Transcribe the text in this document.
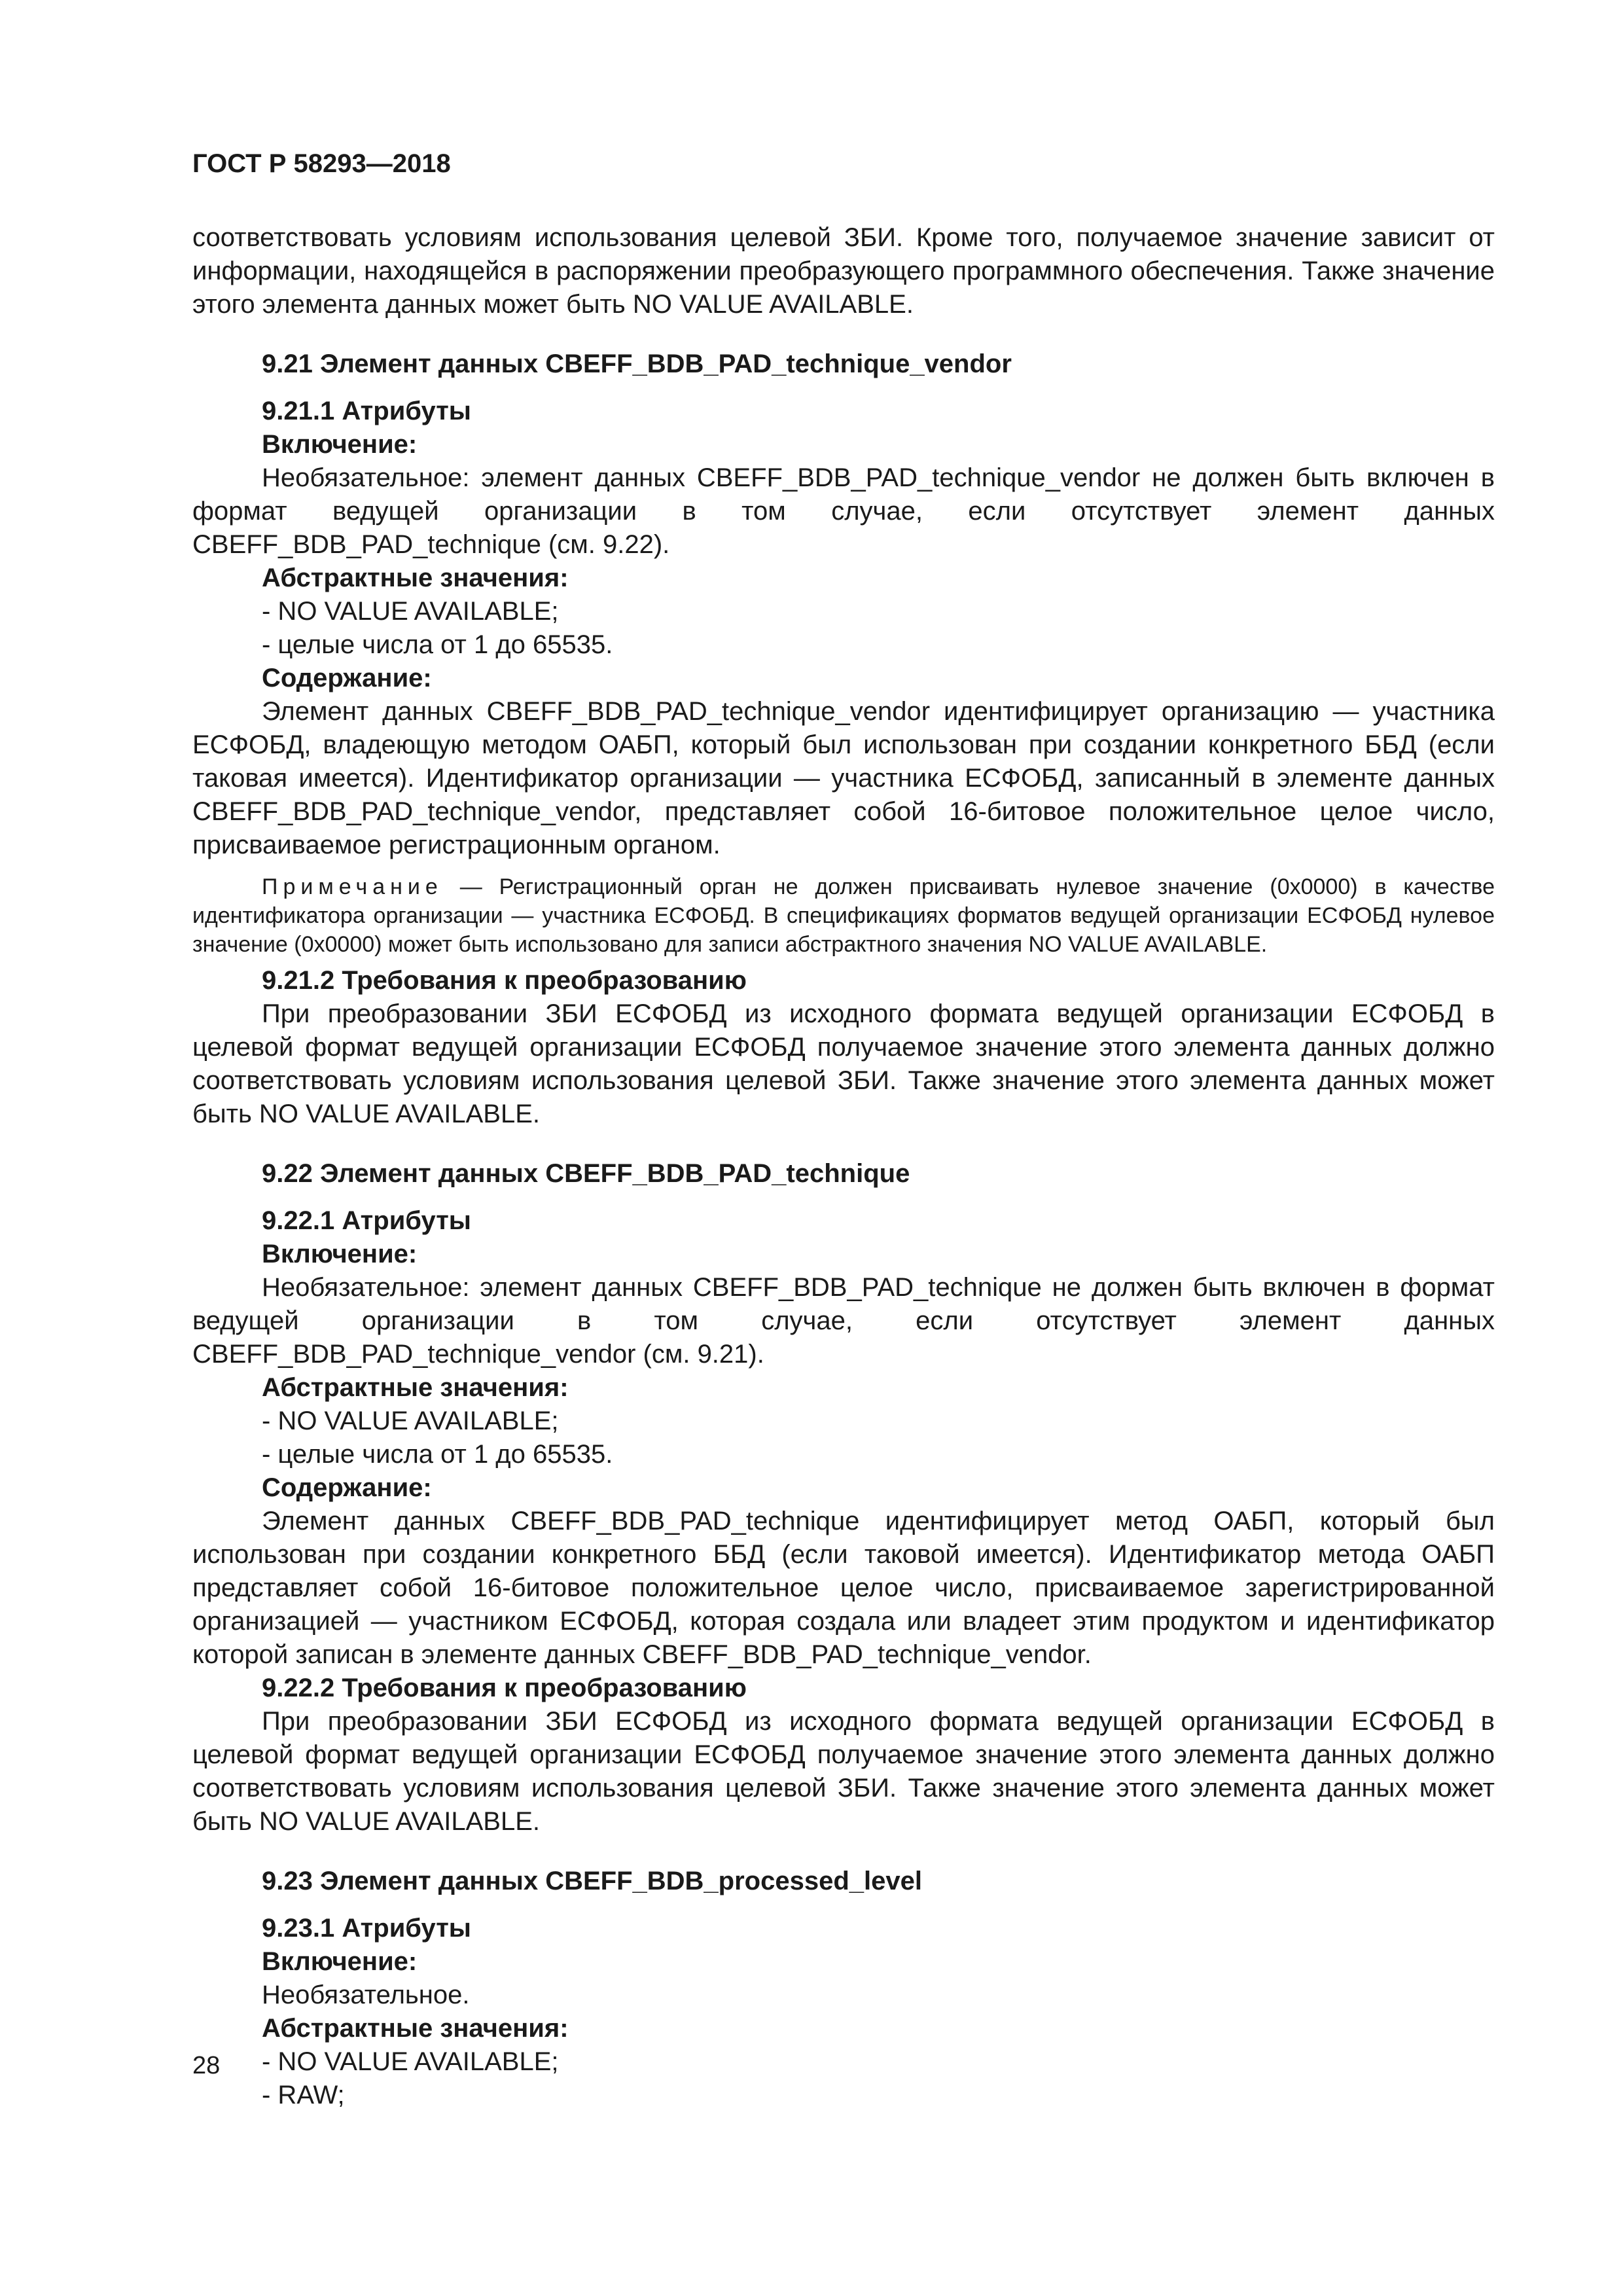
ГОСТ Р 58293—2018

соответствовать условиям использования целевой ЗБИ. Кроме того, получаемое значение зависит от информации, находящейся в распоряжении преобразующего программного обеспечения. Также значение этого элемента данных может быть NO VALUE AVAILABLE.

9.21 Элемент данных CBEFF_BDB_PAD_technique_vendor

9.21.1 Атрибуты

Включение:

Необязательное: элемент данных CBEFF_BDB_PAD_technique_vendor не должен быть включен в формат ведущей организации в том случае, если отсутствует элемент данных CBEFF_BDB_PAD_technique (см. 9.22).

Абстрактные значения:

- NO VALUE AVAILABLE;

- целые числа от 1 до 65535.

Содержание:

Элемент данных CBEFF_BDB_PAD_technique_vendor идентифицирует организацию — участника ЕСФОБД, владеющую методом ОАБП, который был использован при создании конкретного ББД (если таковая имеется). Идентификатор организации — участника ЕСФОБД, записанный в элементе данных CBEFF_BDB_PAD_technique_vendor, представляет собой 16-битовое положительное целое число, присваиваемое регистрационным органом.

Примечание — Регистрационный орган не должен присваивать нулевое значение (0x0000) в качестве идентификатора организации — участника ЕСФОБД. В спецификациях форматов ведущей организации ЕСФОБД нулевое значение (0x0000) может быть использовано для записи абстрактного значения NO VALUE AVAILABLE.

9.21.2 Требования к преобразованию

При преобразовании ЗБИ ЕСФОБД из исходного формата ведущей организации ЕСФОБД в целевой формат ведущей организации ЕСФОБД получаемое значение этого элемента данных должно соответствовать условиям использования целевой ЗБИ. Также значение этого элемента данных может быть NO VALUE AVAILABLE.

9.22 Элемент данных CBEFF_BDB_PAD_technique

9.22.1 Атрибуты

Включение:

Необязательное: элемент данных CBEFF_BDB_PAD_technique не должен быть включен в формат ведущей организации в том случае, если отсутствует элемент данных CBEFF_BDB_PAD_technique_vendor (см. 9.21).

Абстрактные значения:

- NO VALUE AVAILABLE;

- целые числа от 1 до 65535.

Содержание:

Элемент данных CBEFF_BDB_PAD_technique идентифицирует метод ОАБП, который был использован при создании конкретного ББД (если таковой имеется). Идентификатор метода ОАБП представляет собой 16-битовое положительное целое число, присваиваемое зарегистрированной организацией — участником ЕСФОБД, которая создала или владеет этим продуктом и идентификатор которой записан в элементе данных CBEFF_BDB_PAD_technique_vendor.

9.22.2 Требования к преобразованию

При преобразовании ЗБИ ЕСФОБД из исходного формата ведущей организации ЕСФОБД в целевой формат ведущей организации ЕСФОБД получаемое значение этого элемента данных должно соответствовать условиям использования целевой ЗБИ. Также значение этого элемента данных может быть NO VALUE AVAILABLE.

9.23 Элемент данных CBEFF_BDB_processed_level

9.23.1 Атрибуты

Включение:

Необязательное.

Абстрактные значения:

- NO VALUE AVAILABLE;

- RAW;

28
